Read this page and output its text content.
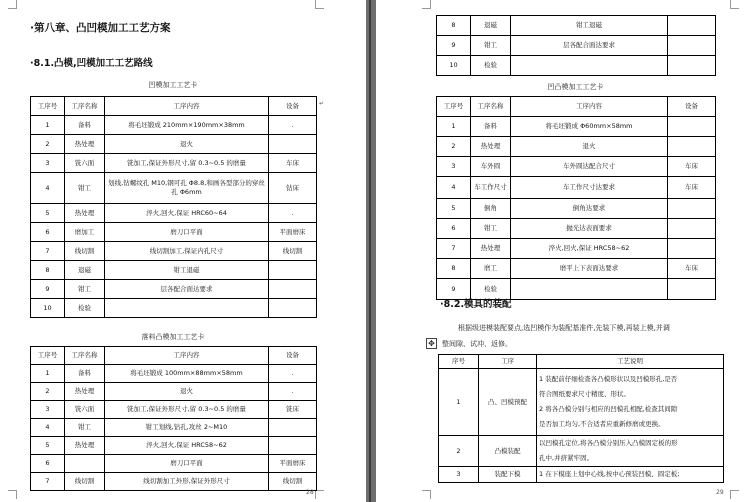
·第八章、凸凹模加工工艺方案
·8.1.凸模,凹模加工工艺路线
凹模加工工艺卡
工序号	工序名称	工序内容	设备
1	备料	将毛坯锻成 210mm×190mm×38mm	.
2	热处理	退火	
3	铣六面	铣加工,保证外形尺寸,留 0.3~0.5 的磨量	车床
4	钳工	划线,钻螺纹孔 M10,钢可孔 Φ8.8,和画各型部分的穿丝孔 Φ6mm	钻床
5	热处理	淬火,回火,保证 HRC60~64	.
6	磨加工	磨刀口平面	平面磨床
7	线切割	线切割加工,保证内孔尺寸	线切割
8	退磁	钳工退磁	
9	钳工	层各配合面达要求	
10	检验		
↵
落料凸模加工工艺卡
工序号	工序名称	工序内容	设备
1	备料	将毛坯锻成 100mm×88mm×58mm	.
2	热处理	退火	.
3	铣六面	铣加工,保证外形尺寸,留 0.3~0.5 的磨量	铣床
4	钳工	钳工划线,钻孔,攻丝 2~M10	
5	热处理	淬火,回火,保证 HRC58~62	
6		磨刀口平面	平面磨床
7	线切割	线切割加工外形,保证外形尺寸	线切割
28
8	退磁	钳工退磁	
9	钳工	层各配合面达要求	
10	检验		
凹凸模加工工艺卡
工序号	工序名称	工序内容	设备
1	备料	将毛坯锻成 Φ60mm×58mm	
2	热处理	退火	
3	车外圆	车外圆达配合尺寸	车床
4	车工作尺寸	车工作尺寸达要求	车床
5	倒角	倒角达要求	
6	钳工	抛光达表面要求	
7	热处理	淬火,回火,保证 HRC58~62	
8	磨工	磨平上下表面达要求	车床
9	检验		
·8.2.模具的装配
✥
根据级进模装配要点,选凹模作为装配基准件,先装下模,再装上模,并调
整间隙、试冲、返修。
序号	工序	工艺说明
1	凸、凹模预配	1 装配前仔细检查各凸模形状以及凹模形孔,是否
符合图纸要求尺寸精度、形状。
2 将各凸模分别与相应的凹模孔相配,检查其间隙
是否加工均匀,不合适者应重新修磨或更换。

2	凸模装配	以凹模孔定位,将各凸模分别压入凸模固定板的形
孔中,并挤紧牢固。

3	装配下模	1 在下模座上划中心线,按中心预装凹模、圆定板;
29
